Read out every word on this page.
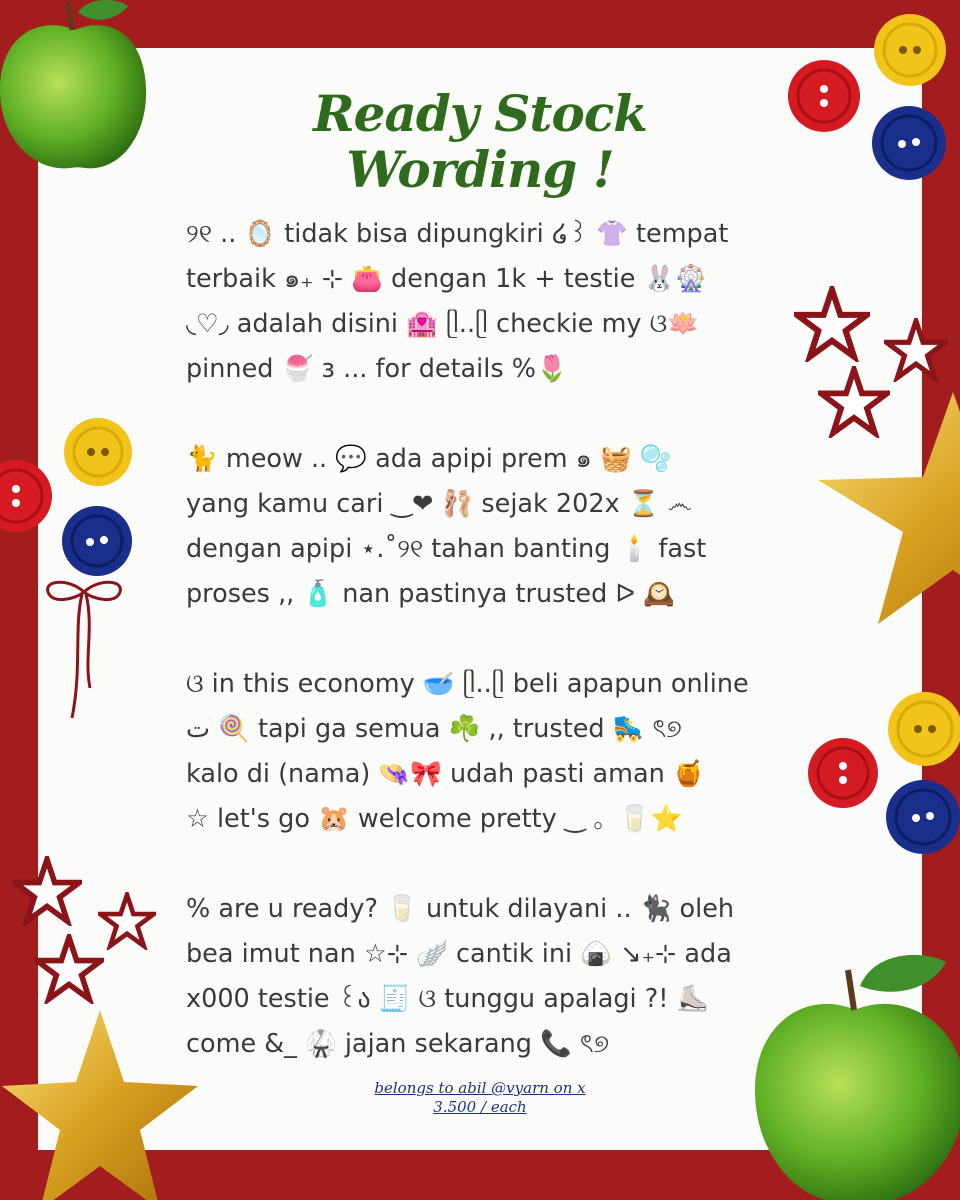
Ready Stock
Wording !
୨୧ .. 🪞 tidak bisa dipungkiri ໒꒱ 👚 tempat
terbaik ๑₊ ⊹ 👛 dengan 1k + testie 🐰🎡
◟♡◞ adalah disini 🏩 ᥫ..ᥫ checkie my ଓ🪷
pinned 🍧 ɜ ... for details %🌷
🐈 meow .. 💬 ada apipi prem ๑ 🧺 🫧
yang kamu cari ‿❤ 🩰 sejak 202x ⏳ ෴
dengan apipi ⋆.˚୨୧ tahan banting 🕯️ fast
proses ,, 🧴 nan pastinya trusted ᐅ 🕰️
ଓ in this economy 🥣 ᥫ..ᥫ beli apapun online
ت 🍭 tapi ga semua ☘️ ,, trusted 🛼 ৎ୭
kalo di (nama) 👒🎀 udah pasti aman 🍯
☆ let's go 🐹 welcome pretty ‿ 。🥛⭐
% are u ready? 🥛 untuk dilayani .. 🐈‍⬛ oleh
bea imut nan ☆⊹ 🪽 cantik ini 🍙 ↘₊⊹ ada
x000 testie ꒰ა 🧾 ଓ tunggu apalagi ?! ⛸️
come &_ 🥋 jajan sekarang 📞 ৎ୭
belongs to abil @vyarn on x
3.500 / each
